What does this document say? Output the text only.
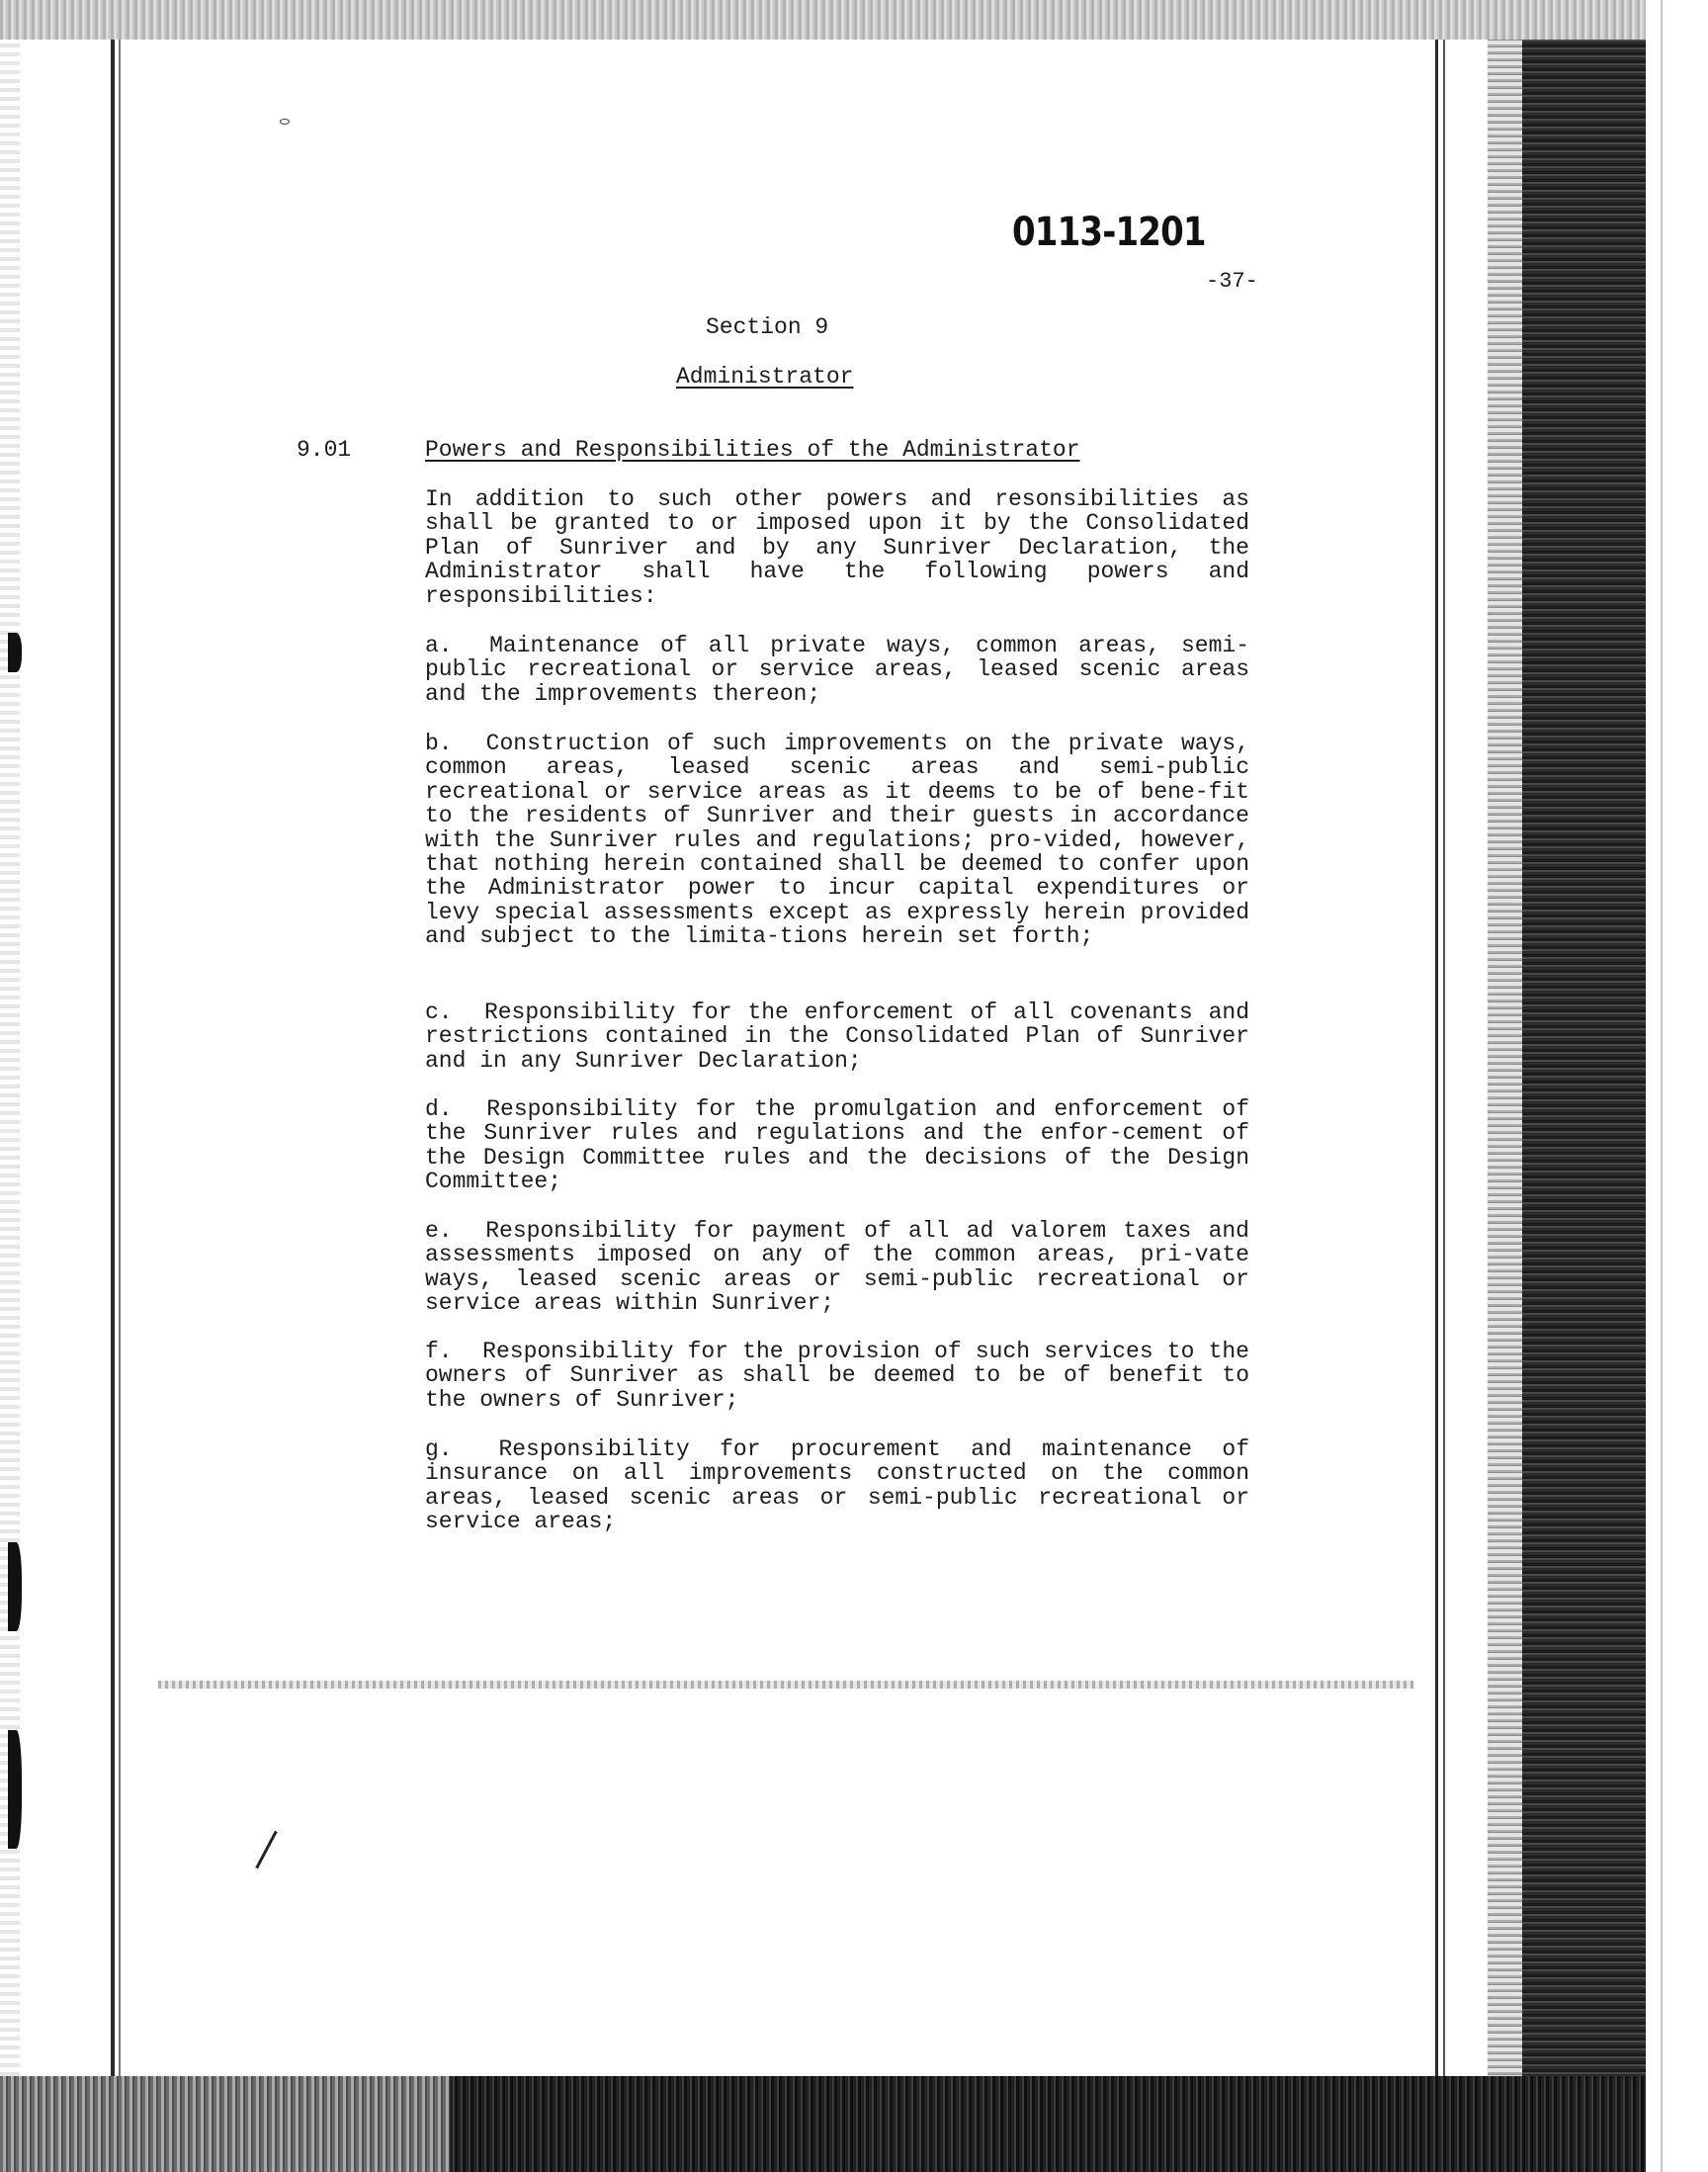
0113-1201
-37-
Section 9
Administrator
9.01	Powers and Responsibilities of the Administrator

In addition to such other powers and resonsibilities as shall be granted to or imposed upon it by the Consolidated Plan of Sunriver and by any Sunriver Declaration, the Administrator shall have the following powers and responsibilities:

a. Maintenance of all private ways, common areas, semi-public recreational or service areas, leased scenic areas and the improvements thereon;

b. Construction of such improvements on the private ways, common areas, leased scenic areas and semi-public recreational or service areas as it deems to be of bene-fit to the residents of Sunriver and their guests in accordance with the Sunriver rules and regulations; pro-vided, however, that nothing herein contained shall be deemed to confer upon the Administrator power to incur capital expenditures or levy special assessments except as expressly herein provided and subject to the limita-tions herein set forth;

c. Responsibility for the enforcement of all covenants and restrictions contained in the Consolidated Plan of Sunriver and in any Sunriver Declaration;

d. Responsibility for the promulgation and enforcement of the Sunriver rules and regulations and the enfor-cement of the Design Committee rules and the decisions of the Design Committee;

e. Responsibility for payment of all ad valorem taxes and assessments imposed on any of the common areas, pri-vate ways, leased scenic areas or semi-public recreational or service areas within Sunriver;

f. Responsibility for the provision of such services to the owners of Sunriver as shall be deemed to be of benefit to the owners of Sunriver;

g. Responsibility for procurement and maintenance of insurance on all improvements constructed on the common areas, leased scenic areas or semi-public recreational or service areas;
